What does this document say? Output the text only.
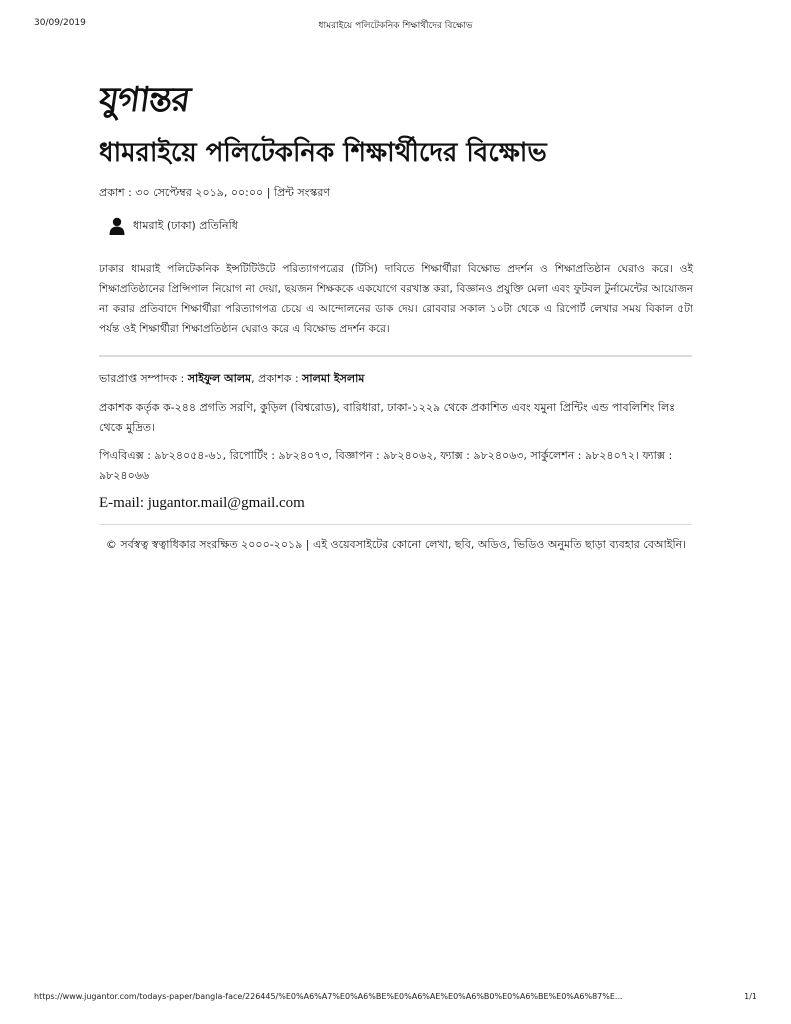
30/09/2019	ধামরাইয়ে পলিটেকনিক শিক্ষার্থীদের বিক্ষোভ
যুগান্তর
ধামরাইয়ে পলিটেকনিক শিক্ষার্থীদের বিক্ষোভ
প্রকাশ : ৩০ সেপ্টেম্বর ২০১৯, ০০:০০ | প্রিন্ট সংস্করণ
ধামরাই (ঢাকা) প্রতিনিধি
ঢাকার ধামরাই পলিটেকনিক ইন্সটিটিউটে পরিত্যাগপত্রের (টিসি) দাবিতে শিক্ষার্থীরা বিক্ষোভ প্রদর্শন ও শিক্ষাপ্রতিষ্ঠান ঘেরাও করে। ওই শিক্ষাপ্রতিষ্ঠানের প্রিন্সিপাল নিয়োগ না দেয়া, ছয়জন শিক্ষককে একযোগে বরখাস্ত করা, বিজ্ঞানও প্রযুক্তি মেলা এবং ফুটবল টুর্নামেন্টের আয়োজন না করার প্রতিবাদে শিক্ষার্থীরা পরিত্যাগপত্র চেয়ে এ আন্দোলনের ডাক দেয়। রোববার সকাল ১০টা থেকে এ রিপোর্ট লেখার সময় বিকাল ৫টা পর্যন্ত ওই শিক্ষার্থীরা শিক্ষাপ্রতিষ্ঠান ঘেরাও করে এ বিক্ষোভ প্রদর্শন করে।
ভারপ্রাপ্ত সম্পাদক : সাইফুল আলম, প্রকাশক : সালমা ইসলাম
প্রকাশক কর্তৃক ক-২৪৪ প্রগতি সরণি, কুড়িল (বিশ্বরোড), বারিধারা, ঢাকা-১২২৯ থেকে প্রকাশিত এবং যমুনা প্রিন্টিং এন্ড পাবলিশিং লিঃ থেকে মুদ্রিত।
পিএবিএক্স : ৯৮২৪০৫৪-৬১, রিপোর্টিং : ৯৮২৪০৭৩, বিজ্ঞাপন : ৯৮২৪০৬২, ফ্যাক্স : ৯৮২৪০৬৩, সার্কুলেশন : ৯৮২৪০৭২। ফ্যাক্স : ৯৮২৪০৬৬
E-mail: jugantor.mail@gmail.com
© সর্বস্বত্ব স্বত্বাধিকার সংরক্ষিত ২০০০-২০১৯ | এই ওয়েবসাইটের কোনো লেখা, ছবি, অডিও, ভিডিও অনুমতি ছাড়া ব্যবহার বেআইনি।
https://www.jugantor.com/todays-paper/bangla-face/226445/%E0%A6%A7%E0%A6%BE%E0%A6%AE%E0%A6%B0%E0%A6%BE%E0%A6%87%E...	1/1
